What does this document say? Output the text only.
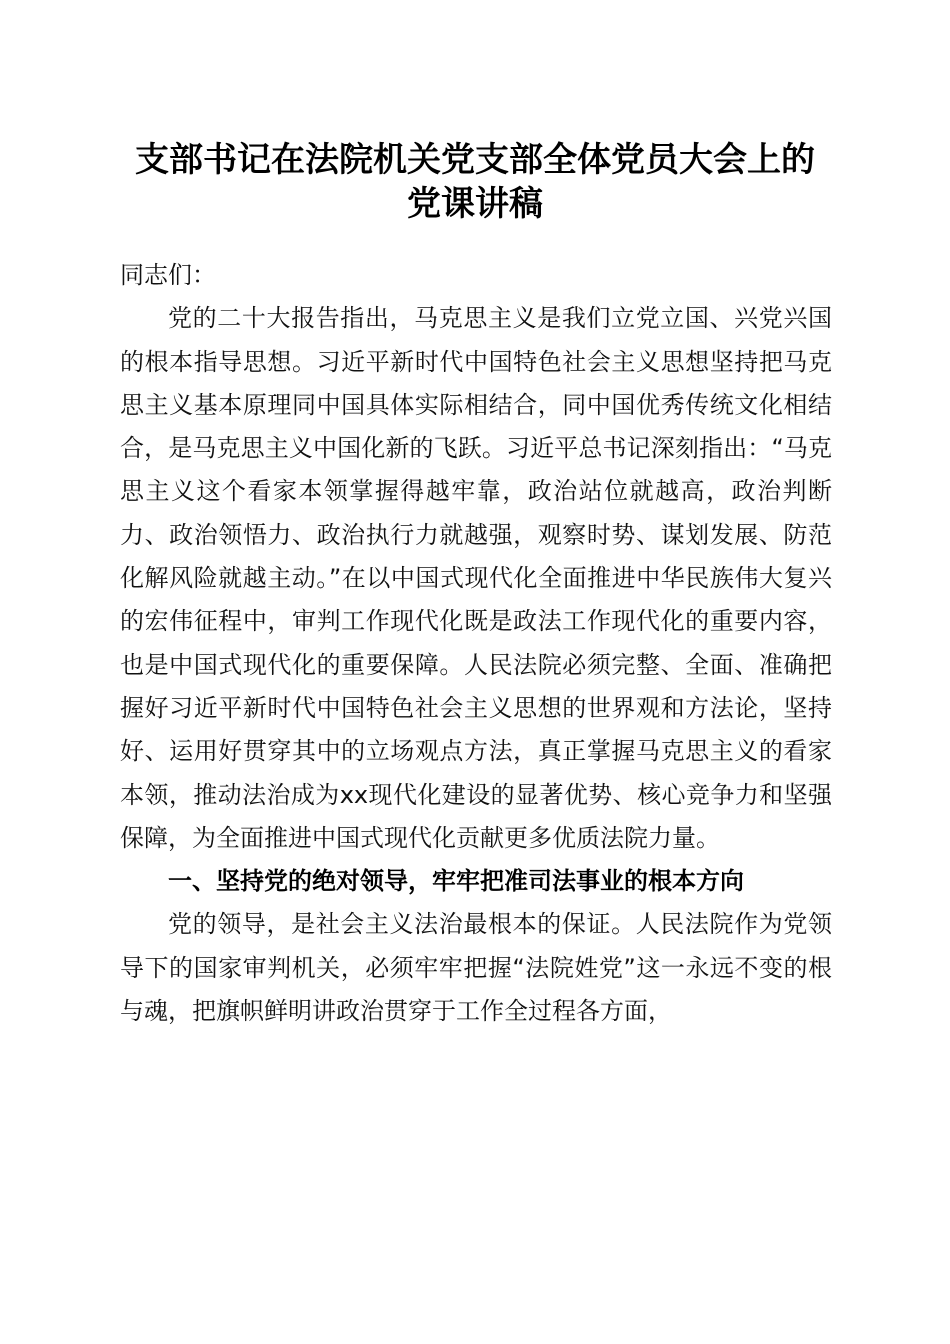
支部书记在法院机关党支部全体党员大会上的
党课讲稿

同志们：

党的二十大报告指出，马克思主义是我们立党立国、兴党兴国的根本指导思想。习近平新时代中国特色社会主义思想坚持把马克思主义基本原理同中国具体实际相结合，同中国优秀传统文化相结合，是马克思主义中国化新的飞跃。习近平总书记深刻指出：“马克思主义这个看家本领掌握得越牢靠，政治站位就越高，政治判断力、政治领悟力、政治执行力就越强，观察时势、谋划发展、防范化解风险就越主动。”在以中国式现代化全面推进中华民族伟大复兴的宏伟征程中，审判工作现代化既是政法工作现代化的重要内容，也是中国式现代化的重要保障。人民法院必须完整、全面、准确把握好习近平新时代中国特色社会主义思想的世界观和方法论，坚持好、运用好贯穿其中的立场观点方法，真正掌握马克思主义的看家本领，推动法治成为xx现代化建设的显著优势、核心竞争力和坚强保障，为全面推进中国式现代化贡献更多优质法院力量。

一、坚持党的绝对领导，牢牢把准司法事业的根本方向

党的领导，是社会主义法治最根本的保证。人民法院作为党领导下的国家审判机关，必须牢牢把握“法院姓党”这一永远不变的根与魂，把旗帜鲜明讲政治贯穿于工作全过程各方面，
